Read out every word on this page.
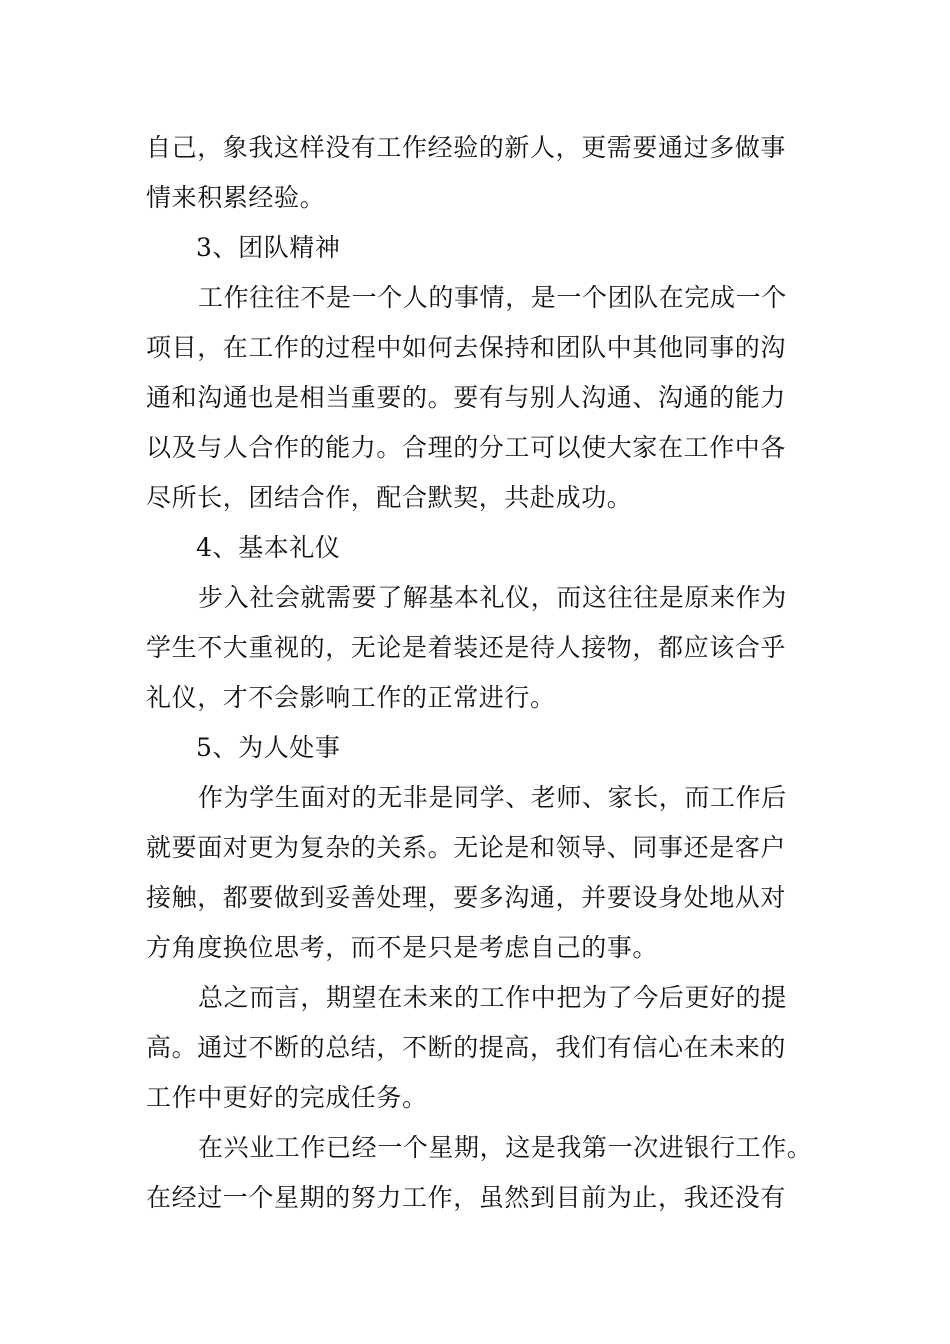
自己，象我这样没有工作经验的新人，更需要通过多做事
情来积累经验。
3、团队精神
工作往往不是一个人的事情，是一个团队在完成一个
项目，在工作的过程中如何去保持和团队中其他同事的沟
通和沟通也是相当重要的。要有与别人沟通、沟通的能力
以及与人合作的能力。合理的分工可以使大家在工作中各
尽所长，团结合作，配合默契，共赴成功。
4、基本礼仪
步入社会就需要了解基本礼仪，而这往往是原来作为
学生不大重视的，无论是着装还是待人接物，都应该合乎
礼仪，才不会影响工作的正常进行。
5、为人处事
作为学生面对的无非是同学、老师、家长，而工作后
就要面对更为复杂的关系。无论是和领导、同事还是客户
接触，都要做到妥善处理，要多沟通，并要设身处地从对
方角度换位思考，而不是只是考虑自己的事。
总之而言，期望在未来的工作中把为了今后更好的提
高。通过不断的总结，不断的提高，我们有信心在未来的
工作中更好的完成任务。
在兴业工作已经一个星期，这是我第一次进银行工作。
在经过一个星期的努力工作，虽然到目前为止，我还没有
